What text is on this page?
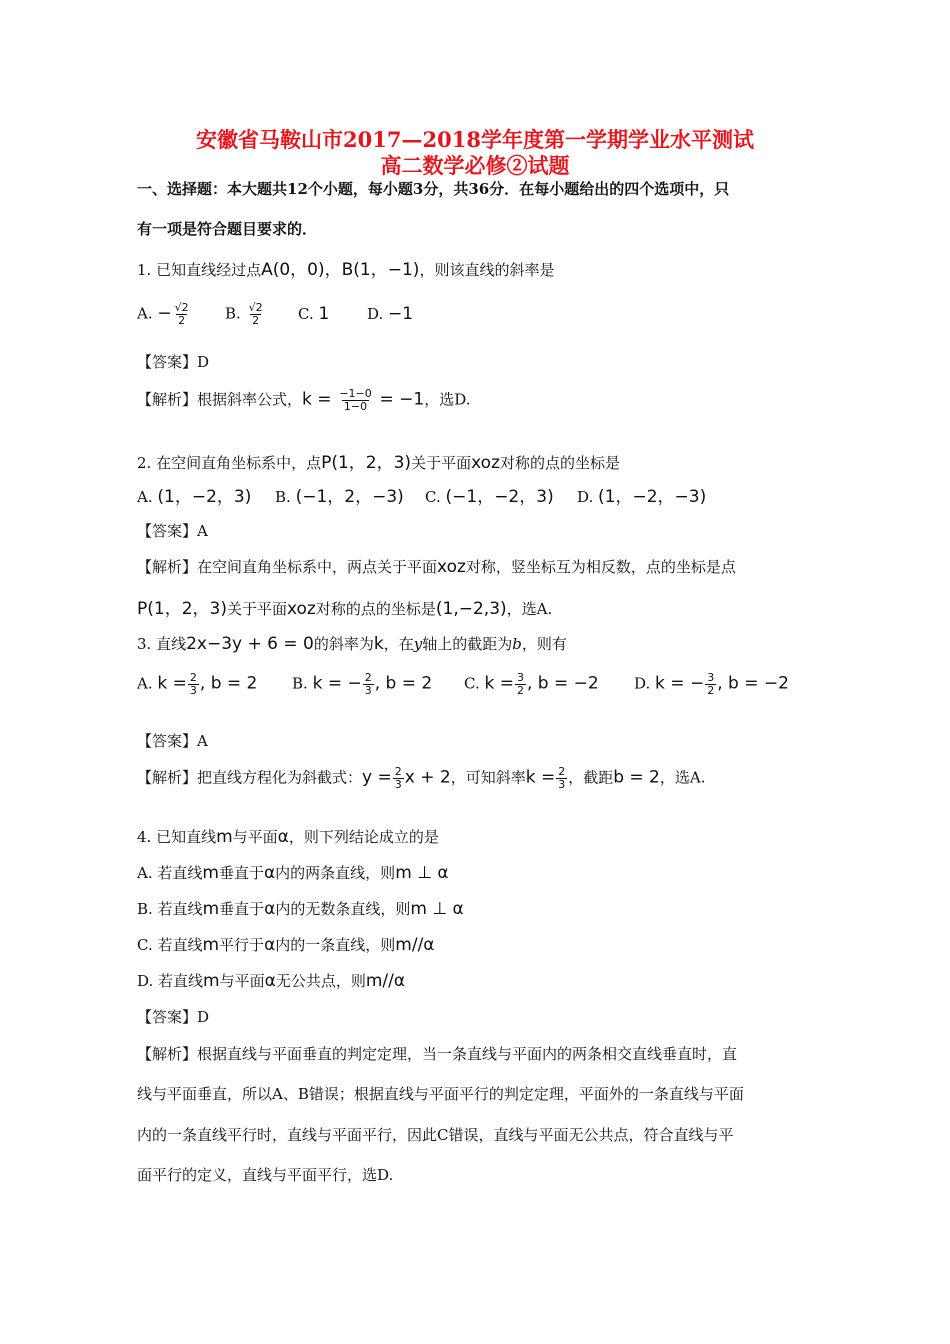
安徽省马鞍山市2017—2018学年度第一学期学业水平测试
高二数学必修②试题
一、选择题：本大题共12个小题，每小题3分，共36分．在每小题给出的四个选项中，只
有一项是符合题目要求的．
1. 已知直线经过点A(0，0)，B(1，−1)，则该直线的斜率是
A. − $\frac{√2}{2} B$. $\frac{√2}{2} C$. 1	D. −1
【答案】D
【解析】根据斜率公式，$k = \frac{-1-0}{1-0} = -1$，选D.
2. 在空间直角坐标系中，点P(1，2，3)关于平面xoz对称的点的坐标是
A. (1，−2，3) B. (−1，2，−3) C. (−1，−2，3) D. (1，−2，−3)
【答案】A
【解析】在空间直角坐标系中，两点关于平面xoz对称，竖坐标互为相反数，点的坐标是点
P(1，2，3)关于平面xoz对称的点的坐标是(1,−2,3)，选A.
3. 直线2x−3y + 6 = 0的斜率为k，在y轴上的截距为b，则有
A. $k = \frac{2}{3}$ , b = 2 B. k = − $\frac{2}{3}$ , b = 2 C. $k = \frac{3}{2}$ , b = −2 D. k = − $\frac{3}{2}$ , b = −2
【答案】A
【解析】把直线方程化为斜截式：$y = \frac{2}{3}$ x + 2，可知斜率$k = \frac{2}{3}$ ，截距b = 2，选A.
4. 已知直线m与平面α，则下列结论成立的是
A. 若直线m垂直于α内的两条直线，则m ⊥ α
B. 若直线m垂直于α内的无数条直线，则m ⊥ α
C. 若直线m平行于α内的一条直线，则m//α
D. 若直线m与平面α无公共点，则m//α
【答案】D
【解析】根据直线与平面垂直的判定定理，当一条直线与平面内的两条相交直线垂直时，直
线与平面垂直，所以A、B错误；根据直线与平面平行的判定定理，平面外的一条直线与平面
内的一条直线平行时，直线与平面平行，因此C错误，直线与平面无公共点，符合直线与平
面平行的定义，直线与平面平行，选D.
